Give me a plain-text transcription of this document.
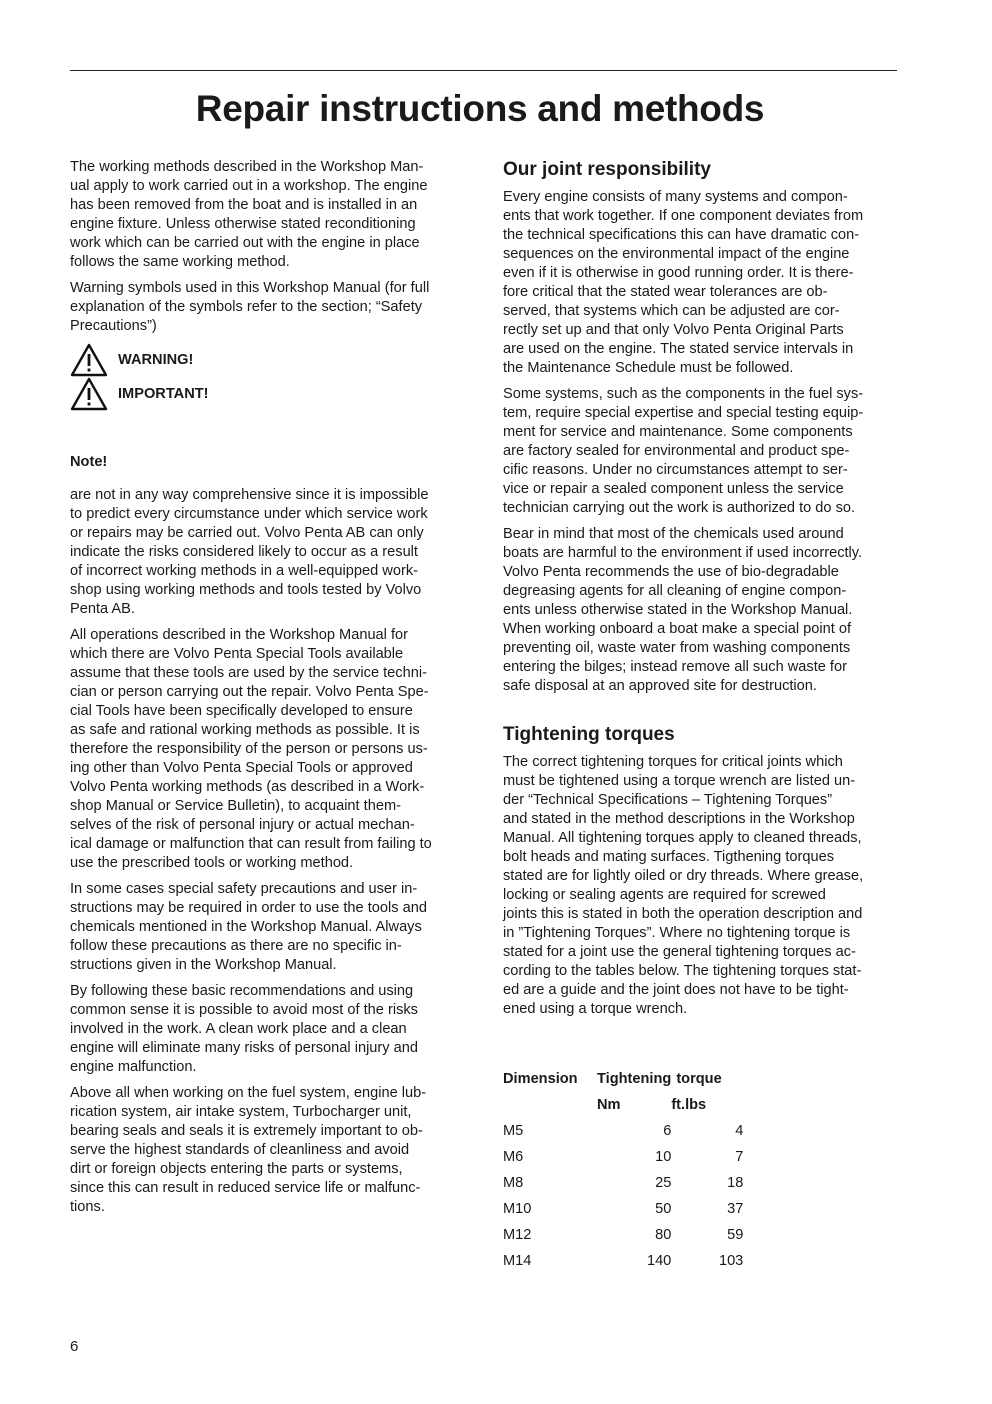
Repair instructions and methods

The working methods described in the Workshop Man-
ual apply to work carried out in a workshop. The engine
has been removed from the boat and is installed in an
engine fixture. Unless otherwise stated reconditioning
work which can be carried out with the engine in place
follows the same working method.

Warning symbols used in this Workshop Manual (for full
explanation of the symbols refer to the section; “Safety
Precautions”)

WARNING!
IMPORTANT!

Note!

are not in any way comprehensive since it is impossible
to predict every circumstance under which service work
or repairs may be carried out. Volvo Penta AB can only
indicate the risks considered likely to occur as a result
of incorrect working methods in a well-equipped work-
shop using working methods and tools tested by Volvo
Penta AB.

All operations described in the Workshop Manual for
which there are Volvo Penta Special Tools available
assume that these tools are used by the service techni-
cian or person carrying out the repair. Volvo Penta Spe-
cial Tools have been specifically developed to ensure
as safe and rational working methods as possible. It is
therefore the responsibility of the person or persons us-
ing other than Volvo Penta Special Tools or approved
Volvo Penta working methods (as described in a Work-
shop Manual or Service Bulletin), to acquaint them-
selves of the risk of personal injury or actual mechan-
ical damage or malfunction that can result from failing to
use the prescribed tools or working method.

In some cases special safety precautions and user in-
structions may be required in order to use the tools and
chemicals mentioned in the Workshop Manual. Always
follow these precautions as there are no specific in-
structions given in the Workshop Manual.

By following these basic recommendations and using
common sense it is possible to avoid most of the risks
involved in the work. A clean work place and a clean
engine will eliminate many risks of personal injury and
engine malfunction.

Above all when working on the fuel system, engine lub-
rication system, air intake system, Turbocharger unit,
bearing seals and seals it is extremely important to ob-
serve the highest standards of cleanliness and avoid
dirt or foreign objects entering the parts or systems,
since this can result in reduced service life or malfunc-
tions.

Our joint responsibility

Every engine consists of many systems and compon-
ents that work together. If one component deviates from
the technical specifications this can have dramatic con-
sequences on the environmental impact of the engine
even if it is otherwise in good running order. It is there-
fore critical that the stated wear tolerances are ob-
served, that systems which can be adjusted are cor-
rectly set up and that only Volvo Penta Original Parts
are used on the engine. The stated service intervals in
the Maintenance Schedule must be followed.

Some systems, such as the components in the fuel sys-
tem, require special expertise and special testing equip-
ment for service and maintenance. Some components
are factory sealed for environmental and product spe-
cific reasons. Under no circumstances attempt to ser-
vice or repair a sealed component unless the service
technician carrying out the work is authorized to do so.

Bear in mind that most of the chemicals used around
boats are harmful to the environment if used incorrectly.
Volvo Penta recommends the use of bio-degradable
degreasing agents for all cleaning of engine compon-
ents unless otherwise stated in the Workshop Manual.
When working onboard a boat make a special point of
preventing oil, waste water from washing components
entering the bilges; instead remove all such waste for
safe disposal at an approved site for destruction.

Tightening torques

The correct tightening torques for critical joints which
must be tightened using a torque wrench are listed un-
der “Technical Specifications – Tightening Torques”
and stated in the method descriptions in the Workshop
Manual. All tightening torques apply to cleaned threads,
bolt heads and mating surfaces. Tigthening torques
stated are for lightly oiled or dry threads. Where grease,
locking or sealing agents are required for screwed
joints this is stated in both the operation description and
in ”Tightening Torques”. Where no tightening torque is
stated for a joint use the general tightening torques ac-
cording to the tables below. The tightening torques stat-
ed are a guide and the joint does not have to be tight-
ened using a torque wrench.

Dimension	Tightening	torque
	Nm	ft.lbs
M5	6	4
M6	10	7
M8	25	18
M10	50	37
M12	80	59
M14	140	103
6
